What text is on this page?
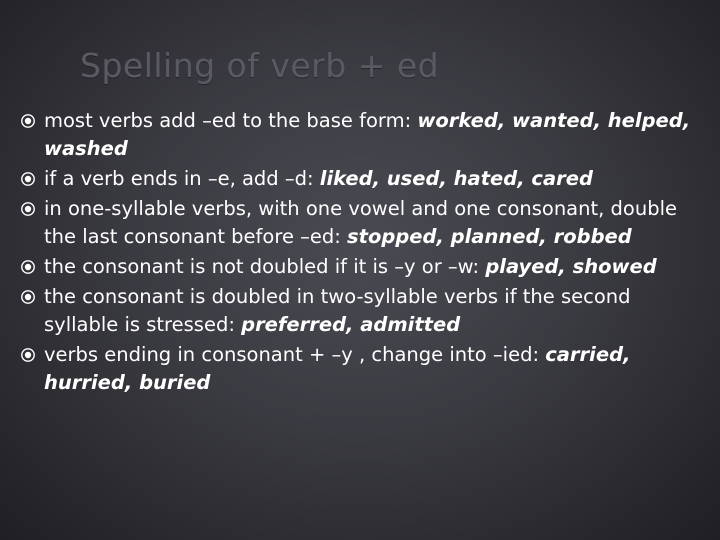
Spelling of verb + ed
most verbs add –ed to the base form: worked, wanted, helped, washed
if a verb ends in –e, add –d: liked, used, hated, cared
in one-syllable verbs, with one vowel and one consonant, double the last consonant before –ed: stopped, planned, robbed
the consonant is not doubled if it is –y or –w: played, showed
the consonant is doubled in two-syllable verbs if the second syllable is stressed: preferred, admitted
verbs ending in consonant + –y , change into –ied: carried, hurried, buried
